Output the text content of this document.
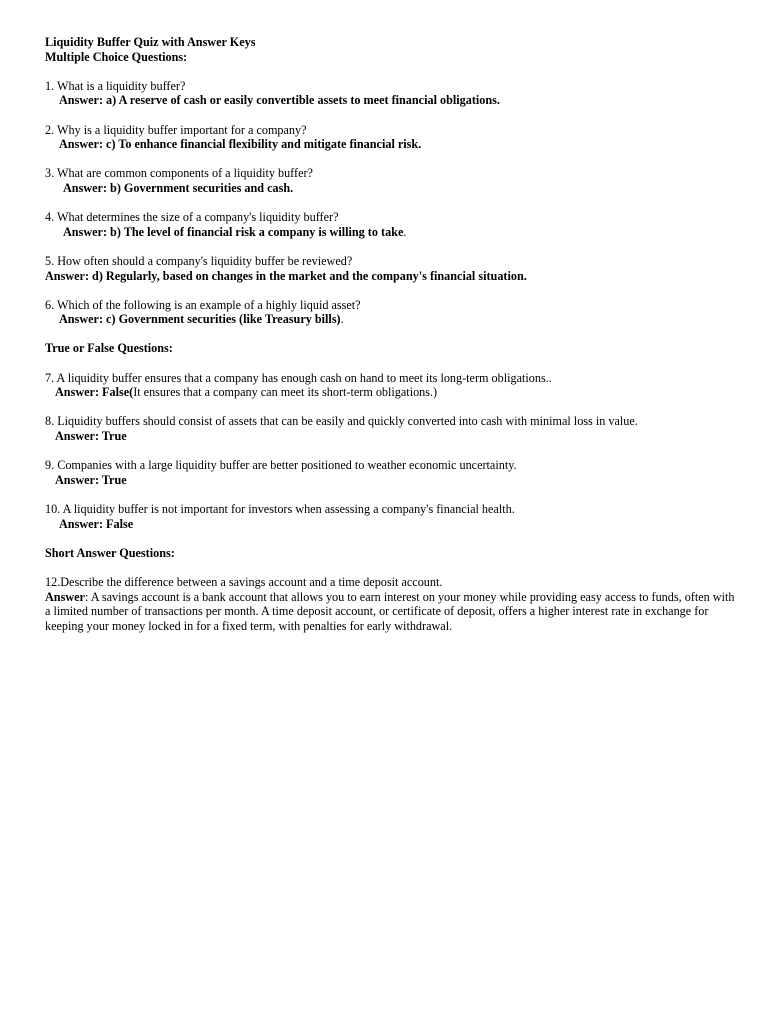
Liquidity Buffer Quiz with Answer Keys
Multiple Choice Questions:
1. What is a liquidity buffer?
Answer: a) A reserve of cash or easily convertible assets to meet financial obligations.
2. Why is a liquidity buffer important for a company?
Answer: c) To enhance financial flexibility and mitigate financial risk.
3. What are common components of a liquidity buffer?
Answer: b) Government securities and cash.
4. What determines the size of a company's liquidity buffer?
Answer: b) The level of financial risk a company is willing to take.
5. How often should a company's liquidity buffer be reviewed?
Answer: d) Regularly, based on changes in the market and the company's financial situation.
6. Which of the following is an example of a highly liquid asset?
Answer: c) Government securities (like Treasury bills).
True or False Questions:
7. A liquidity buffer ensures that a company has enough cash on hand to meet its long-term obligations..
Answer: False(It ensures that a company can meet its short-term obligations.)
8. Liquidity buffers should consist of assets that can be easily and quickly converted into cash with minimal loss in value.
Answer: True
9. Companies with a large liquidity buffer are better positioned to weather economic uncertainty.
Answer: True
10. A liquidity buffer is not important for investors when assessing a company's financial health.
Answer: False
Short Answer Questions:
12.Describe the difference between a savings account and a time deposit account.
Answer: A savings account is a bank account that allows you to earn interest on your money while providing easy access to funds, often with a limited number of transactions per month. A time deposit account, or certificate of deposit, offers a higher interest rate in exchange for keeping your money locked in for a fixed term, with penalties for early withdrawal.
